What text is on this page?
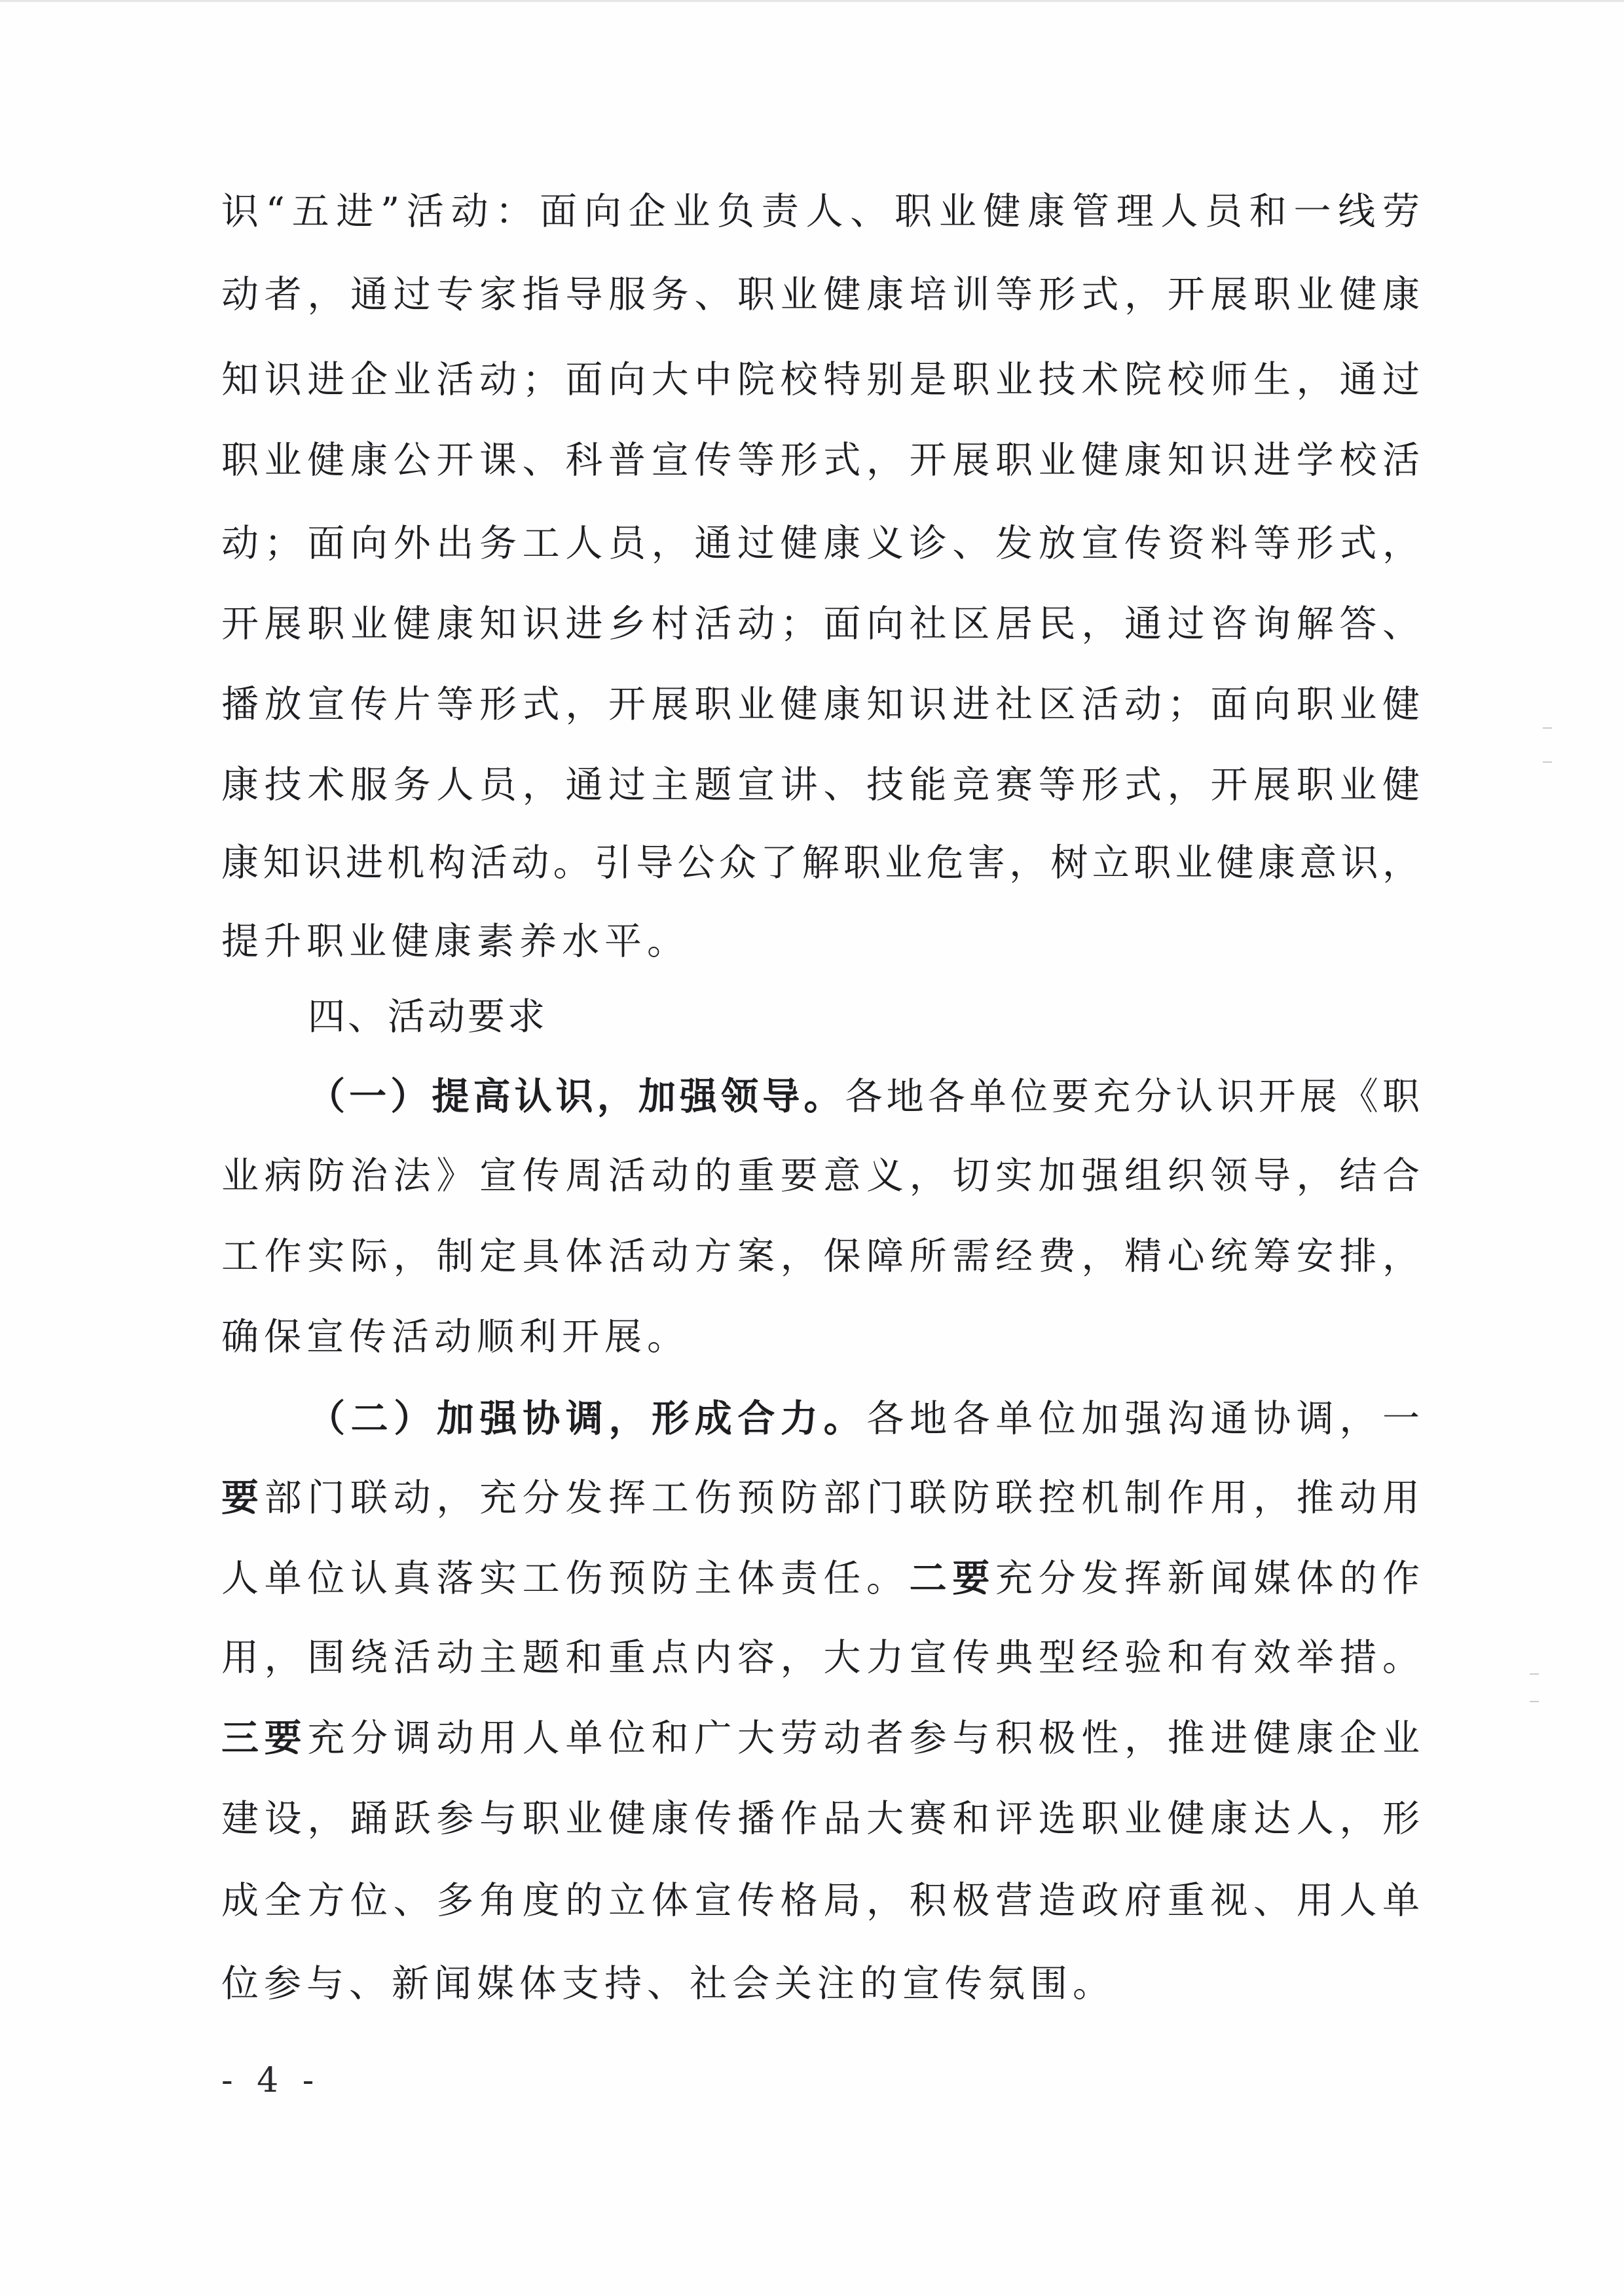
识“五进”活动：面向企业负责人、职业健康管理人员和一线劳
动者，通过专家指导服务、职业健康培训等形式，开展职业健康
知识进企业活动；面向大中院校特别是职业技术院校师生，通过
职业健康公开课、科普宣传等形式，开展职业健康知识进学校活
动；面向外出务工人员，通过健康义诊、发放宣传资料等形式，
开展职业健康知识进乡村活动；面向社区居民，通过咨询解答、
播放宣传片等形式，开展职业健康知识进社区活动；面向职业健
康技术服务人员，通过主题宣讲、技能竞赛等形式，开展职业健
康知识进机构活动。引导公众了解职业危害，树立职业健康意识，
提升职业健康素养水平。
四、活动要求
（一）提高认识，加强领导。各地各单位要充分认识开展《职
业病防治法》宣传周活动的重要意义，切实加强组织领导，结合
工作实际，制定具体活动方案，保障所需经费，精心统筹安排，
确保宣传活动顺利开展。
（二）加强协调，形成合力。各地各单位加强沟通协调，一
要部门联动，充分发挥工伤预防部门联防联控机制作用，推动用
人单位认真落实工伤预防主体责任。二要充分发挥新闻媒体的作
用，围绕活动主题和重点内容，大力宣传典型经验和有效举措。
三要充分调动用人单位和广大劳动者参与积极性，推进健康企业
建设，踊跃参与职业健康传播作品大赛和评选职业健康达人，形
成全方位、多角度的立体宣传格局，积极营造政府重视、用人单
位参与、新闻媒体支持、社会关注的宣传氛围。
- 4 -
